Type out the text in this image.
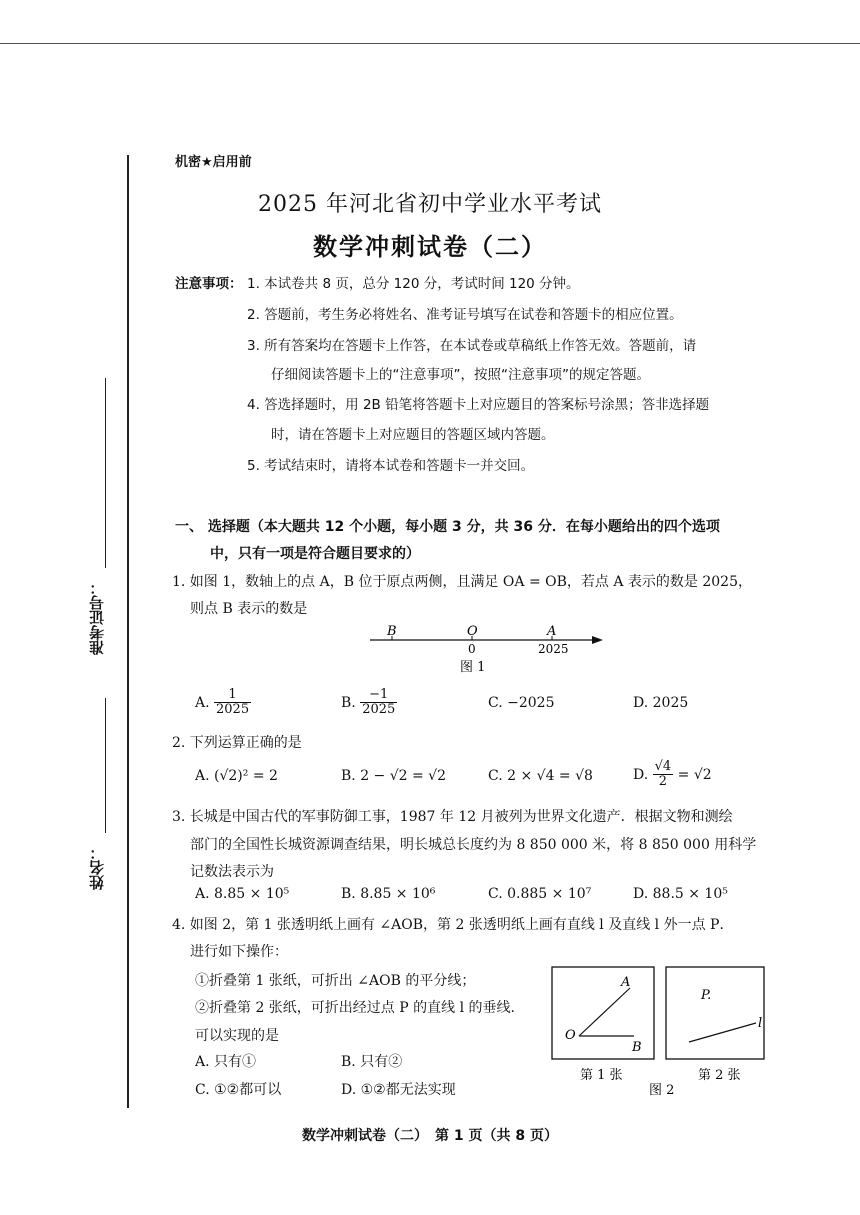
准考证号：
姓名：
机密★启用前
2025 年河北省初中学业水平考试
数学冲刺试卷（二）
注意事项： 1. 本试卷共 8 页，总分 120 分，考试时间 120 分钟。
2. 答题前，考生务必将姓名、准考证号填写在试卷和答题卡的相应位置。
3. 所有答案均在答题卡上作答，在本试卷或草稿纸上作答无效。答题前，请
仔细阅读答题卡上的“注意事项”，按照“注意事项”的规定答题。
4. 答选择题时，用 2B 铅笔将答题卡上对应题目的答案标号涂黑；答非选择题
时，请在答题卡上对应题目的答题区域内答题。
5. 考试结束时，请将本试卷和答题卡一并交回。
一、 选择题（本大题共 12 个小题，每小题 3 分，共 36 分．在每小题给出的四个选项
中，只有一项是符合题目要求的）
1. 如图 1，数轴上的点 A，B 位于原点两侧，且满足 OA = OB，若点 A 表示的数是 2025，
则点 B 表示的数是
B	O	A
0	2025
图 1
A. $\frac{1}{2025}$	B. $\frac{-1}{2025}$	C. −2025	D. 2025
2. 下列运算正确的是
A. (√2)² = 2	B. 2 − √2 = √2	C. 2 × √4 = √8	D. $\frac{√4}{2} = √2$
3. 长城是中国古代的军事防御工事，1987 年 12 月被列为世界文化遗产．根据文物和测绘
部门的全国性长城资源调查结果，明长城总长度约为 8 850 000 米，将 8 850 000 用科学
记数法表示为
A. 8.85 × 10⁵	B. 8.85 × 10⁶	C. 0.885 × 10⁷	D. 88.5 × 10⁵
4. 如图 2，第 1 张透明纸上画有 ∠AOB，第 2 张透明纸上画有直线 l 及直线 l 外一点 P．
进行如下操作：
①折叠第 1 张纸，可折出 ∠AOB 的平分线；
②折叠第 2 张纸，可折出经过点 P 的直线 l 的垂线．
可以实现的是
A. 只有①	B. 只有②
C. ①②都可以	D. ①②都无法实现
A
O
B
P.
l
第 1 张	第 2 张
图 2
数学冲刺试卷（二）　第 1 页（共 8 页）
